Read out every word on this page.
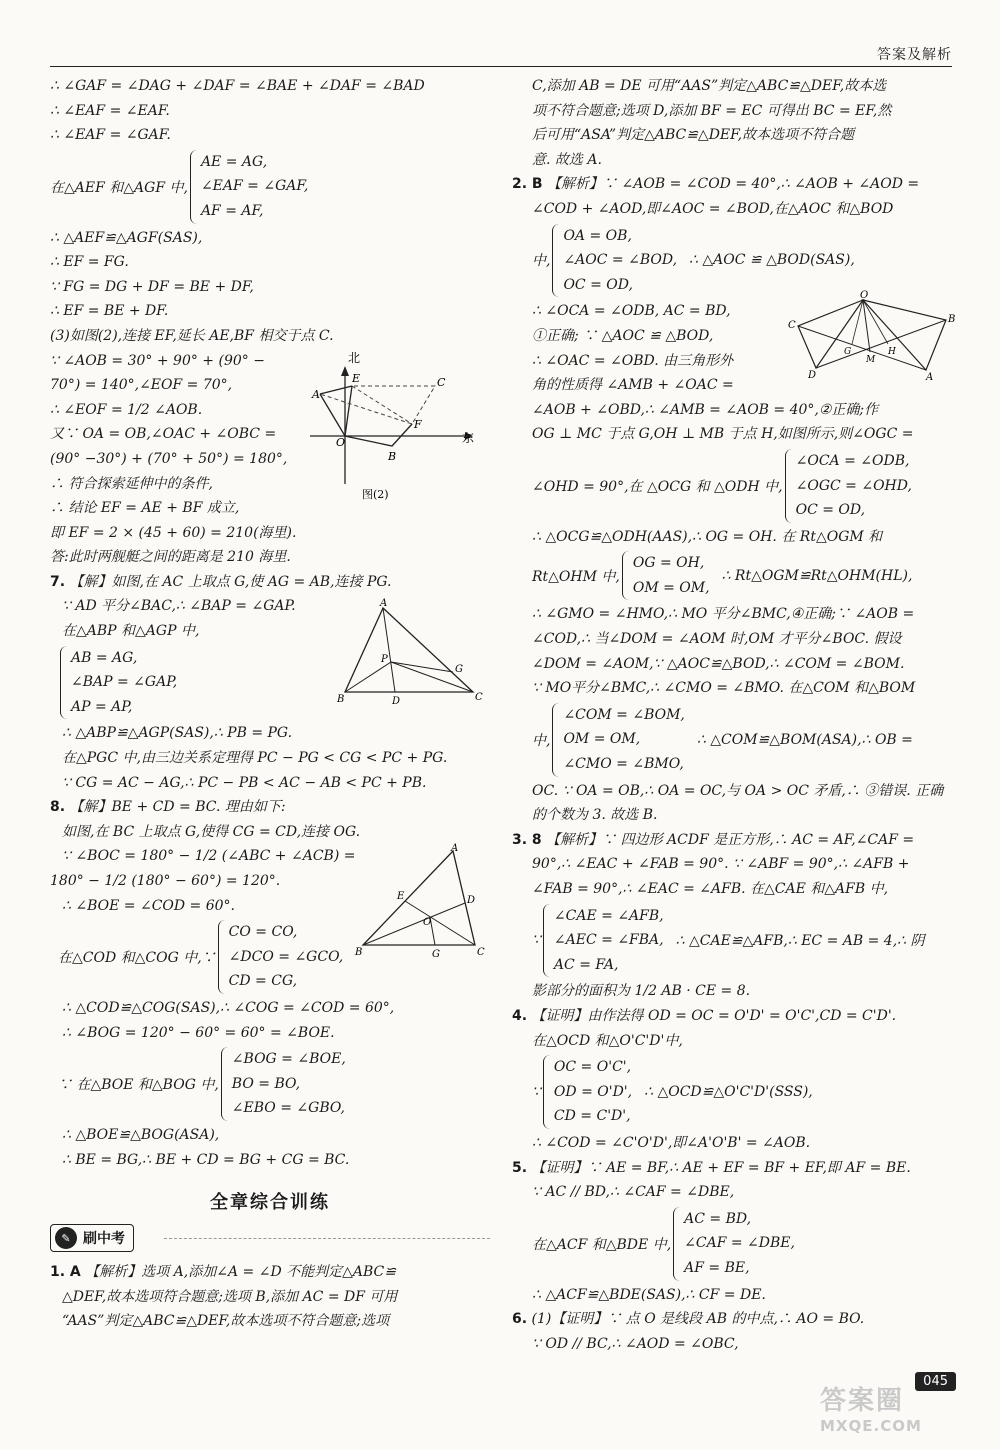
答案及解析
∴ ∠GAF = ∠DAG + ∠DAF = ∠BAE + ∠DAF = ∠BAD
∴ ∠EAF = ∠EAF.
∴ ∠EAF = ∠GAF.
在△AEF 和△AGF 中,
AE = AG,
∠EAF = ∠GAF,
AF = AF,
∴ △AEF≌△AGF(SAS),
∴ EF = FG.
∵ FG = DG + DF = BE + DF,
∴ EF = BE + DF.
(3)如图(2),连接 EF,延长 AE,BF 相交于点 C.
∵ ∠AOB = 30° + 90° + (90° −
70°) = 140°,∠EOF = 70°,
∴ ∠EOF = 1/2 ∠AOB.
又∵ OA = OB,∠OAC + ∠OBC =
(90° −30°) + (70° + 50°) = 180°,
∴ 符合探索延伸中的条件,
∴ 结论 EF = AE + BF 成立,
即 EF = 2 × (45 + 60) = 210(海里).
答:此时两舰艇之间的距离是 210 海里.
7. 【解】如图,在 AC 上取点 G,使 AG = AB,连接 PG.
∵ AD 平分∠BAC,∴ ∠BAP = ∠GAP.
在△ABP 和△AGP 中,
AB = AG,
∠BAP = ∠GAP,
AP = AP,
∴ △ABP≌△AGP(SAS),∴ PB = PG.
在△PGC 中,由三边关系定理得 PC − PG < CG < PC + PG.
∵ CG = AC − AG,∴ PC − PB < AC − AB < PC + PB.
8. 【解】BE + CD = BC. 理由如下:
如图,在 BC 上取点 G,使得 CG = CD,连接 OG.
∵ ∠BOC = 180° − 1/2 (∠ABC + ∠ACB) =
180° − 1/2 (180° − 60°) = 120°.
∴ ∠BOE = ∠COD = 60°.
在△COD 和△COG 中,∵
CO = CO,
∠DCO = ∠GCO,
CD = CG,
∴ △COD≌△COG(SAS),∴ ∠COG = ∠COD = 60°,
∴ ∠BOG = 120° − 60° = 60° = ∠BOE.
∵ 在△BOE 和△BOG 中,
∠BOG = ∠BOE,
BO = BO,
∠EBO = ∠GBO,
∴ △BOE≌△BOG(ASA),
∴ BE = BG,∴ BE + CD = BG + CG = BC.
全章综合训练
✎ 刷中考
1. A 【解析】选项 A,添加∠A = ∠D 不能判定△ABC≌
△DEF,故本选项符合题意;选项 B,添加 AC = DF 可用
“AAS”判定△ABC≌△DEF,故本选项不符合题意;选项
C,添加 AB = DE 可用“AAS”判定△ABC≌△DEF,故本选
项不符合题意;选项 D,添加 BF = EC 可得出 BC = EF,然
后可用“ASA”判定△ABC≌△DEF,故本选项不符合题
意. 故选 A.
2. B 【解析】∵ ∠AOB = ∠COD = 40°,∴ ∠AOB + ∠AOD =
∠COD + ∠AOD,即∠AOC = ∠BOD,在△AOC 和△BOD
中,
OA = OB,
∠AOC = ∠BOD,
OC = OD,
∴ △AOC ≌ △BOD(SAS),
∴ ∠OCA = ∠ODB, AC = BD,
①正确; ∵ △AOC ≌ △BOD,
∴ ∠OAC = ∠OBD. 由三角形外
角的性质得 ∠AMB + ∠OAC =
∠AOB + ∠OBD,∴ ∠AMB = ∠AOB = 40°,②正确;作
OG ⊥ MC 于点 G,OH ⊥ MB 于点 H,如图所示,则∠OGC =
∠OHD = 90°,在 △OCG 和 △ODH 中,
∠OCA = ∠ODB,
∠OGC = ∠OHD,
OC = OD,
∴ △OCG≌△ODH(AAS),∴ OG = OH. 在 Rt△OGM 和
Rt△OHM 中,
OG = OH,
OM = OM,
∴ Rt△OGM≌Rt△OHM(HL),
∴ ∠GMO = ∠HMO,∴ MO 平分∠BMC,④正确;∵ ∠AOB =
∠COD,∴ 当∠DOM = ∠AOM 时,OM 才平分∠BOC. 假设
∠DOM = ∠AOM,∵ △AOC≌△BOD,∴ ∠COM = ∠BOM.
∵ MO平分∠BMC,∴ ∠CMO = ∠BMO. 在△COM 和△BOM
中,
∠COM = ∠BOM,
OM = OM,
∠CMO = ∠BMO,
∴ △COM≌△BOM(ASA),∴ OB =
OC. ∵ OA = OB,∴ OA = OC,与 OA > OC 矛盾,∴ ③错误. 正确
的个数为 3. 故选 B.
3. 8 【解析】∵ 四边形 ACDF 是正方形,∴ AC = AF,∠CAF =
90°,∴ ∠EAC + ∠FAB = 90°. ∵ ∠ABF = 90°,∴ ∠AFB +
∠FAB = 90°,∴ ∠EAC = ∠AFB. 在△CAE 和△AFB 中,
∵
∠CAE = ∠AFB,
∠AEC = ∠FBA,
AC = FA,
∴ △CAE≌△AFB,∴ EC = AB = 4,∴ 阴
影部分的面积为 1/2 AB · CE = 8.
4. 【证明】由作法得 OD = OC = O'D' = O'C',CD = C'D'.
在△OCD 和△O'C'D'中,
∵
OC = O'C',
OD = O'D',
CD = C'D',
∴ △OCD≌△O'C'D'(SSS),
∴ ∠COD = ∠C'O'D',即∠A'O'B' = ∠AOB.
5. 【证明】∵ AE = BF,∴ AE + EF = BF + EF,即 AF = BE.
∵ AC // BD,∴ ∠CAF = ∠DBE,
在△ACF 和△BDE 中,
AC = BD,
∠CAF = ∠DBE,
AF = BE,
∴ △ACF≌△BDE(SAS),∴ CF = DE.
6. (1)【证明】∵ 点 O 是线段 AB 的中点,∴ AO = BO.
∵ OD // BC,∴ ∠AOD = ∠OBC,
北
东
A
E	C
F
O
B
图(2)
A
B	C
D
P
G
A
B	C
D
E
O
G
O
C
B
D	A
G
M
H
045
答案圈
MXQE.COM
